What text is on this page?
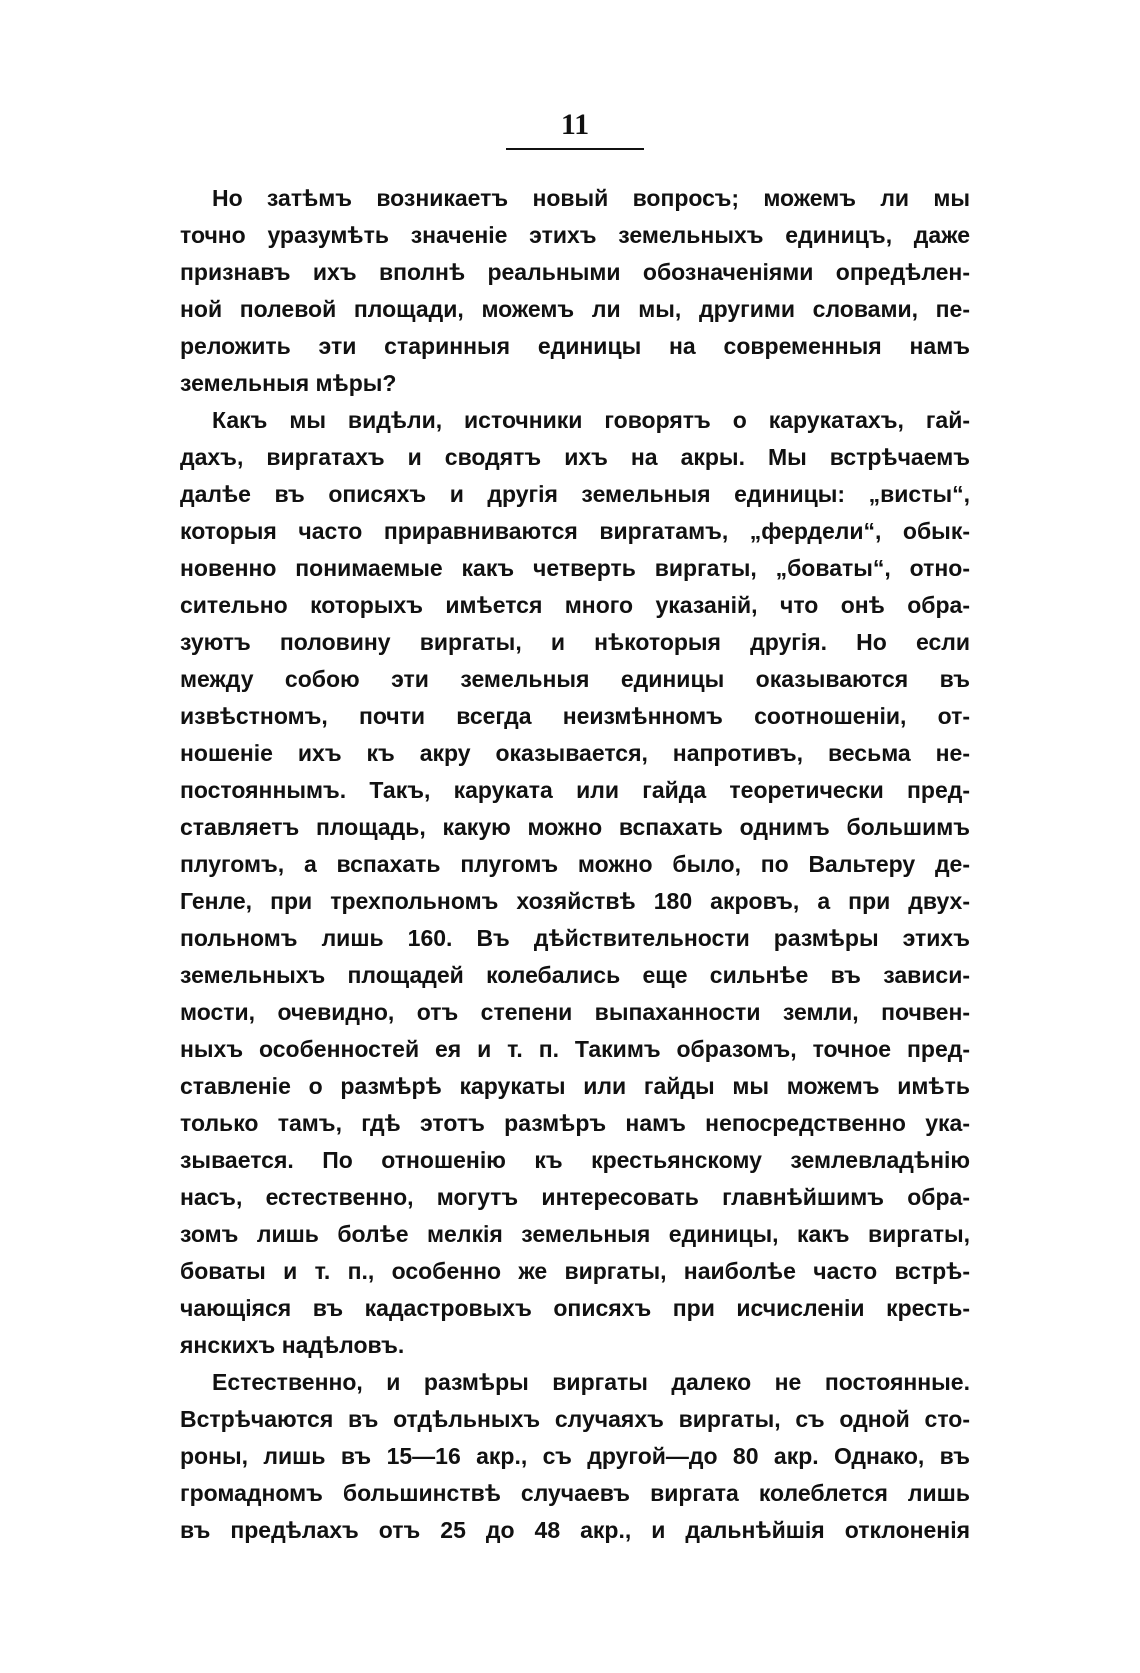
11
Но затѣмъ возникаетъ новый вопросъ; можемъ ли мы
точно уразумѣть значеніе этихъ земельныхъ единицъ, даже
признавъ ихъ вполнѣ реальными обозначеніями опредѣлен-
ной полевой площади, можемъ ли мы, другими словами, пе-
реложить эти старинныя единицы на современныя намъ
земельныя мѣры?
Какъ мы видѣли, источники говорятъ о карукатахъ, гай-
дахъ, виргатахъ и сводятъ ихъ на акры. Мы встрѣчаемъ
далѣе въ описяхъ и другія земельныя единицы: „висты“,
которыя часто приравниваются виргатамъ, „фердели“, обык-
новенно понимаемые какъ четверть виргаты, „боваты“, отно-
сительно которыхъ имѣется много указаній, что онѣ обра-
зуютъ половину виргаты, и нѣкоторыя другія. Но если
между собою эти земельныя единицы оказываются въ
извѣстномъ, почти всегда неизмѣнномъ соотношеніи, от-
ношеніе ихъ къ акру оказывается, напротивъ, весьма не-
постояннымъ. Такъ, карукатa или гайда теоретически пред-
ставляетъ площадь, какую можно вспахать однимъ большимъ
плугомъ, а вспахать плугомъ можно было, по Вальтеру де-
Генле, при трехпольномъ хозяйствѣ 180 акровъ, а при двух-
польномъ лишь 160. Въ дѣйствительности размѣры этихъ
земельныхъ площадей колебались еще сильнѣе въ зависи-
мости, очевидно, отъ степени выпаханности земли, почвен-
ныхъ особенностей ея и т. п. Такимъ образомъ, точное пред-
ставленіе о размѣрѣ карукаты или гайды мы можемъ имѣть
только тамъ, гдѣ этотъ размѣръ намъ непосредственно ука-
зывается. По отношенію къ крестьянскому землевладѣнію
насъ, естественно, могутъ интересовать главнѣйшимъ обра-
зомъ лишь болѣе мелкія земельныя единицы, какъ виргаты,
боваты и т. п., особенно же виргаты, наиболѣе часто встрѣ-
чающіяся въ кадастровыхъ описяхъ при исчисленіи кресть-
янскихъ надѣловъ.
Естественно, и размѣры виргаты далеко не постоянные.
Встрѣчаются въ отдѣльныхъ случаяхъ виргаты, съ одной сто-
роны, лишь въ 15—16 акр., съ другой—до 80 акр. Однако, въ
громадномъ большинствѣ случаевъ виргата колеблется лишь
въ предѣлахъ отъ 25 до 48 акр., и дальнѣйшія отклоненія
